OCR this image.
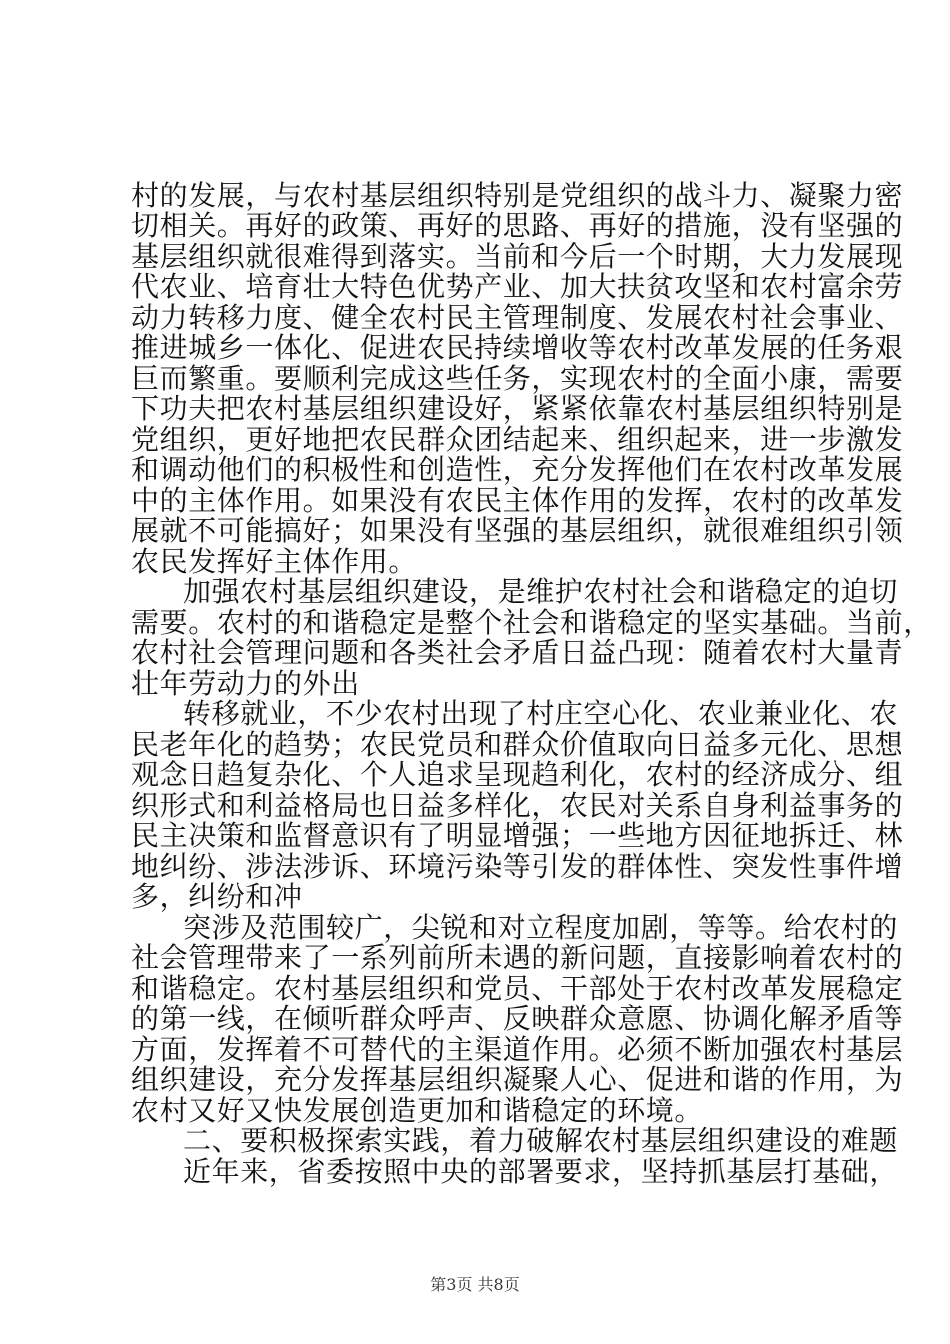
村的发展，与农村基层组织特别是党组织的战斗力、凝聚力密
切相关。再好的政策、再好的思路、再好的措施，没有坚强的
基层组织就很难得到落实。当前和今后一个时期，大力发展现
代农业、培育壮大特色优势产业、加大扶贫攻坚和农村富余劳
动力转移力度、健全农村民主管理制度、发展农村社会事业、
推进城乡一体化、促进农民持续增收等农村改革发展的任务艰
巨而繁重。要顺利完成这些任务，实现农村的全面小康，需要
下功夫把农村基层组织建设好，紧紧依靠农村基层组织特别是
党组织，更好地把农民群众团结起来、组织起来，进一步激发
和调动他们的积极性和创造性，充分发挥他们在农村改革发展
中的主体作用。如果没有农民主体作用的发挥，农村的改革发
展就不可能搞好；如果没有坚强的基层组织，就很难组织引领
农民发挥好主体作用。
加强农村基层组织建设，是维护农村社会和谐稳定的迫切
需要。农村的和谐稳定是整个社会和谐稳定的坚实基础。当前，
农村社会管理问题和各类社会矛盾日益凸现：随着农村大量青
壮年劳动力的外出
转移就业，不少农村出现了村庄空心化、农业兼业化、农
民老年化的趋势；农民党员和群众价值取向日益多元化、思想
观念日趋复杂化、个人追求呈现趋利化，农村的经济成分、组
织形式和利益格局也日益多样化，农民对关系自身利益事务的
民主决策和监督意识有了明显增强；一些地方因征地拆迁、林
地纠纷、涉法涉诉、环境污染等引发的群体性、突发性事件增
多，纠纷和冲
突涉及范围较广，尖锐和对立程度加剧，等等。给农村的
社会管理带来了一系列前所未遇的新问题，直接影响着农村的
和谐稳定。农村基层组织和党员、干部处于农村改革发展稳定
的第一线，在倾听群众呼声、反映群众意愿、协调化解矛盾等
方面，发挥着不可替代的主渠道作用。必须不断加强农村基层
组织建设，充分发挥基层组织凝聚人心、促进和谐的作用，为
农村又好又快发展创造更加和谐稳定的环境。
二、要积极探索实践，着力破解农村基层组织建设的难题
近年来，省委按照中央的部署要求，坚持抓基层打基础，
第3页 共8页
